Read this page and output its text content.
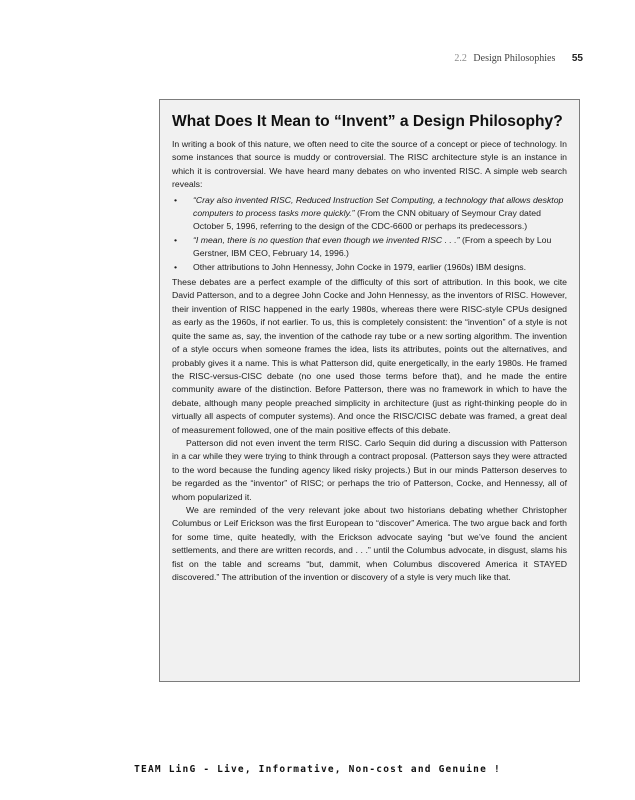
2.2 Design Philosophies 55
What Does It Mean to “Invent” a Design Philosophy?

In writing a book of this nature, we often need to cite the source of a concept or piece of technology. In some instances that source is muddy or controversial. The RISC architecture style is an instance in which it is controversial. We have heard many debates on who invented RISC. A simple web search reveals:

• “Cray also invented RISC, Reduced Instruction Set Computing, a technology that allows desktop computers to process tasks more quickly.” (From the CNN obituary of Seymour Cray dated October 5, 1996, referring to the design of the CDC-6600 or perhaps its predecessors.)
• “I mean, there is no question that even though we invented RISC . . .” (From a speech by Lou Gerstner, IBM CEO, February 14, 1996.)
• Other attributions to John Hennessy, John Cocke in 1979, earlier (1960s) IBM designs.

These debates are a perfect example of the difficulty of this sort of attribution. In this book, we cite David Patterson, and to a degree John Cocke and John Hennessy, as the inventors of RISC. However, their invention of RISC happened in the early 1980s, whereas there were RISC-style CPUs designed as early as the 1960s, if not earlier. To us, this is completely consistent: the “invention” of a style is not quite the same as, say, the invention of the cathode ray tube or a new sorting algorithm. The invention of a style occurs when someone frames the idea, lists its attributes, points out the alternatives, and probably gives it a name. This is what Patterson did, quite energetically, in the early 1980s. He framed the RISC-versus-CISC debate (no one used those terms before that), and he made the entire community aware of the distinction. Before Patterson, there was no framework in which to have the debate, although many people preached simplicity in architecture (just as right-thinking people do in virtually all aspects of computer systems). And once the RISC/CISC debate was framed, a great deal of measurement followed, one of the main positive effects of this debate.

Patterson did not even invent the term RISC. Carlo Sequin did during a discussion with Patterson in a car while they were trying to think through a contract proposal. (Patterson says they were attracted to the word because the funding agency liked risky projects.) But in our minds Patterson deserves to be regarded as the “inventor” of RISC; or perhaps the trio of Patterson, Cocke, and Hennessy, all of whom popularized it.

We are reminded of the very relevant joke about two historians debating whether Christopher Columbus or Leif Erickson was the first European to “discover” America. The two argue back and forth for some time, quite heatedly, with the Erickson advocate saying “but we’ve found the ancient settlements, and there are written records, and . . .” until the Columbus advocate, in disgust, slams his fist on the table and screams “but, dammit, when Columbus discovered America it STAYED discovered.” The attribution of the invention or discovery of a style is very much like that.

TEAM LinG - Live, Informative, Non-cost and Genuine !
